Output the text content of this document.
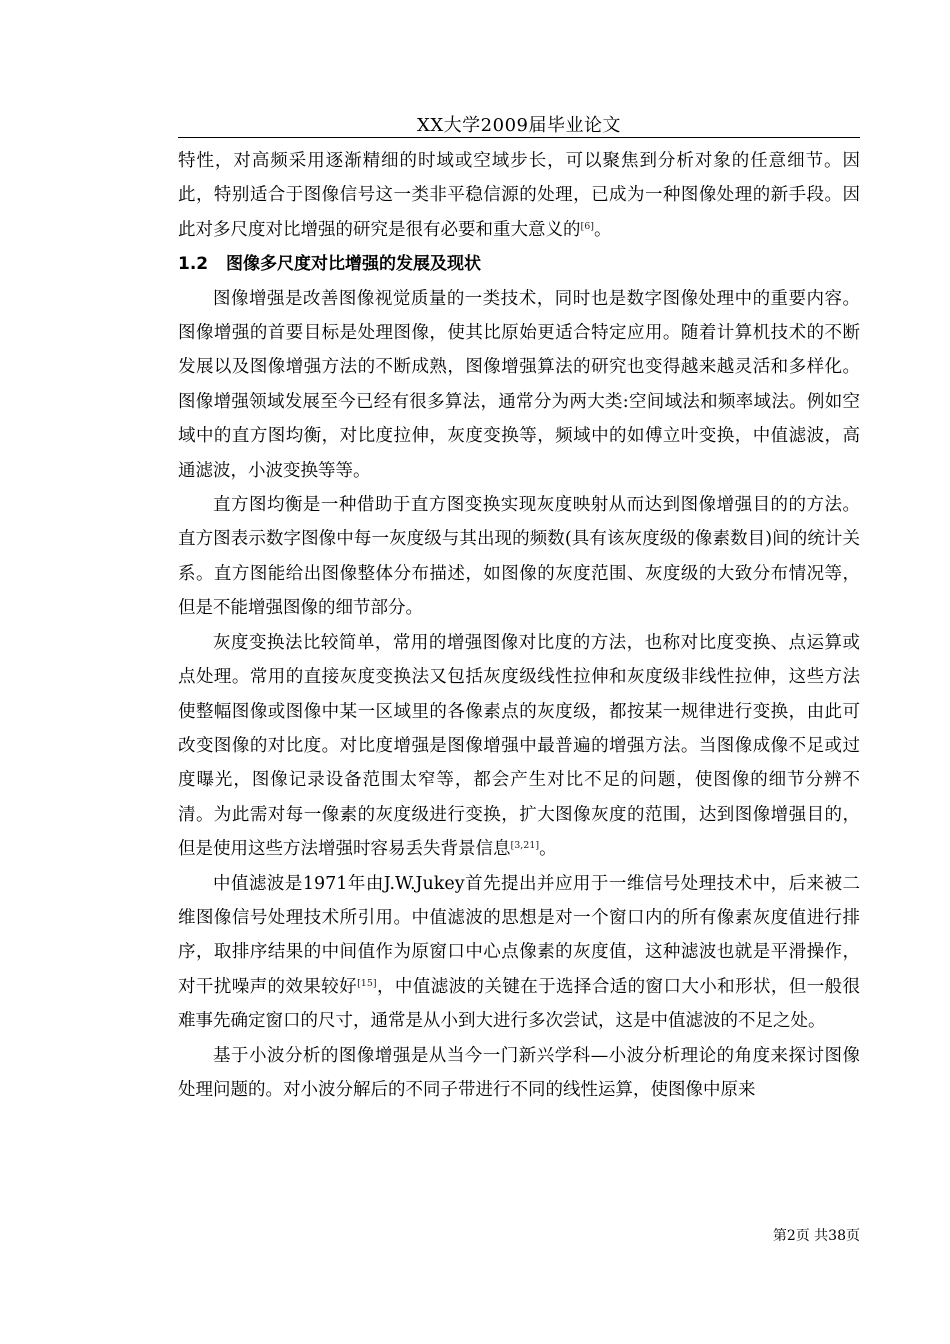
XX大学2009届毕业论文

特性，对高频采用逐渐精细的时域或空域步长，可以聚焦到分析对象的任意细节。因此，特别适合于图像信号这一类非平稳信源的处理，已成为一种图像处理的新手段。因此对多尺度对比增强的研究是很有必要和重大意义的[6]。

1.2 图像多尺度对比增强的发展及现状

图像增强是改善图像视觉质量的一类技术，同时也是数字图像处理中的重要内容。图像增强的首要目标是处理图像，使其比原始更适合特定应用。随着计算机技术的不断发展以及图像增强方法的不断成熟，图像增强算法的研究也变得越来越灵活和多样化。图像增强领域发展至今已经有很多算法，通常分为两大类:空间域法和频率域法。例如空域中的直方图均衡，对比度拉伸，灰度变换等，频域中的如傅立叶变换，中值滤波，高通滤波，小波变换等等。

直方图均衡是一种借助于直方图变换实现灰度映射从而达到图像增强目的的方法。直方图表示数字图像中每一灰度级与其出现的频数(具有该灰度级的像素数目)间的统计关系。直方图能给出图像整体分布描述，如图像的灰度范围、灰度级的大致分布情况等，但是不能增强图像的细节部分。

灰度变换法比较简单，常用的增强图像对比度的方法，也称对比度变换、点运算或点处理。常用的直接灰度变换法又包括灰度级线性拉伸和灰度级非线性拉伸，这些方法使整幅图像或图像中某一区域里的各像素点的灰度级，都按某一规律进行变换，由此可改变图像的对比度。对比度增强是图像增强中最普遍的增强方法。当图像成像不足或过度曝光，图像记录设备范围太窄等，都会产生对比不足的问题，使图像的细节分辨不清。为此需对每一像素的灰度级进行变换，扩大图像灰度的范围，达到图像增强目的，但是使用这些方法增强时容易丢失背景信息[3,21]。

中值滤波是1971年由J.W.Jukey首先提出并应用于一维信号处理技术中，后来被二维图像信号处理技术所引用。中值滤波的思想是对一个窗口内的所有像素灰度值进行排序，取排序结果的中间值作为原窗口中心点像素的灰度值，这种滤波也就是平滑操作，对干扰噪声的效果较好[15]，中值滤波的关键在于选择合适的窗口大小和形状，但一般很难事先确定窗口的尺寸，通常是从小到大进行多次尝试，这是中值滤波的不足之处。

基于小波分析的图像增强是从当今一门新兴学科—小波分析理论的角度来探讨图像处理问题的。对小波分解后的不同子带进行不同的线性运算，使图像中原来

第2页 共38页
